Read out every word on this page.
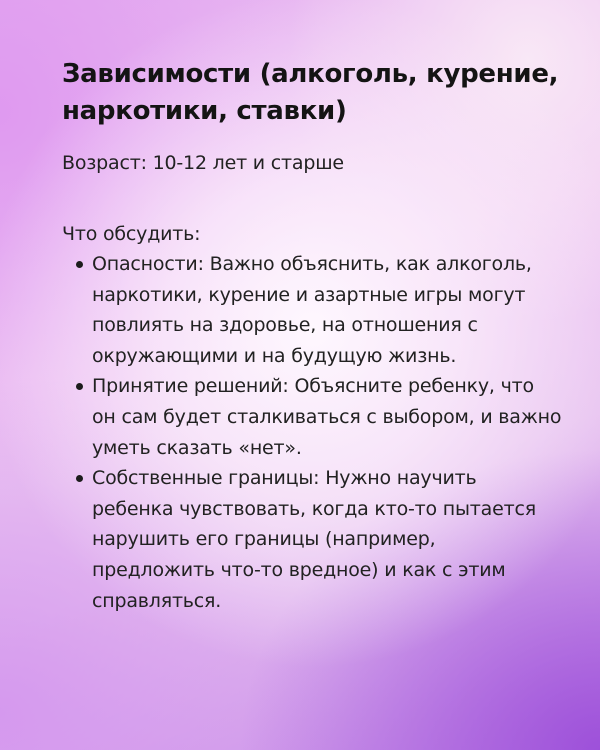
Зависимости (алкоголь, курение, наркотики, ставки)

Возраст: 10-12 лет и старше

Что обсудить:

Опасности: Важно объяснить, как алкоголь, наркотики, курение и азартные игры могут повлиять на здоровье, на отношения с окружающими и на будущую жизнь.
Принятие решений: Объясните ребенку, что он сам будет сталкиваться с выбором, и важно уметь сказать «нет».
Собственные границы: Нужно научить ребенка чувствовать, когда кто-то пытается нарушить его границы (например, предложить что-то вредное) и как с этим справляться.
